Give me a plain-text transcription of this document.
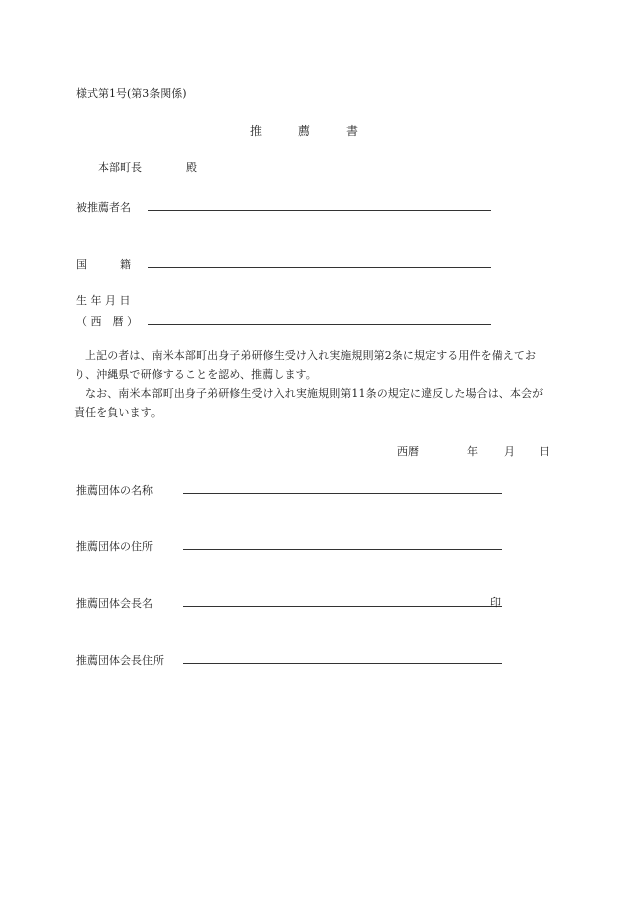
様式第1号(第3条関係)
推　　　薦　　　書
本部町長　　　　殿
被推薦者名
国　　　籍
生 年 月 日
（ 西　暦 ）
上記の者は、南米本部町出身子弟研修生受け入れ実施規則第2条に規定する用件を備えており、沖縄県で研修することを認め、推薦します。
なお、南米本部町出身子弟研修生受け入れ実施規則第11条の規定に違反した場合は、本会が責任を負います。
西暦	年 月 日
推薦団体の名称
推薦団体の住所
推薦団体会長名	印
推薦団体会長住所
